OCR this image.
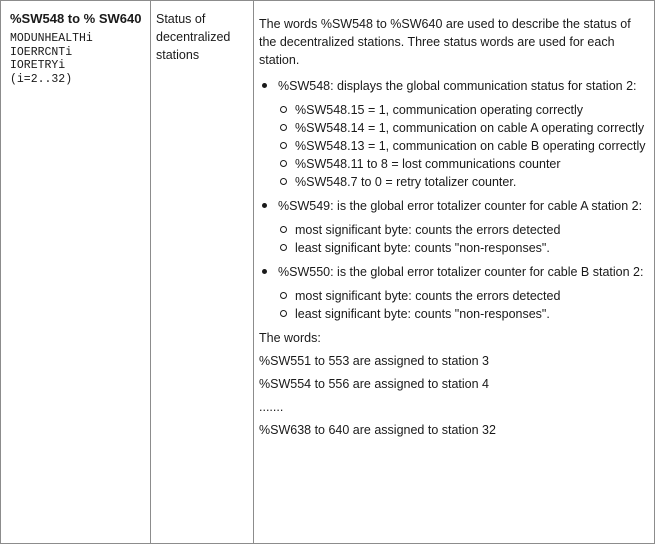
%SW548 to % SW640

MODUNHEALTHi
IOERRCNTi
IORETRYi
(i=2..32)
Status of decentralized stations

The words %SW548 to %SW640 are used to describe the status of the decentralized stations. Three status words are used for each station.

%SW548: displays the global communication status for station 2:
%SW548.15 = 1, communication operating correctly
%SW548.14 = 1, communication on cable A operating correctly
%SW548.13 = 1, communication on cable B operating correctly
%SW548.11 to 8 = lost communications counter
%SW548.7 to 0 = retry totalizer counter.
%SW549: is the global error totalizer counter for cable A station 2:
most significant byte: counts the errors detected
least significant byte: counts "non-responses".
%SW550: is the global error totalizer counter for cable B station 2:
most significant byte: counts the errors detected
least significant byte: counts "non-responses".

The words:

%SW551 to 553 are assigned to station 3

%SW554 to 556 are assigned to station 4

.......

%SW638 to 640 are assigned to station 32
